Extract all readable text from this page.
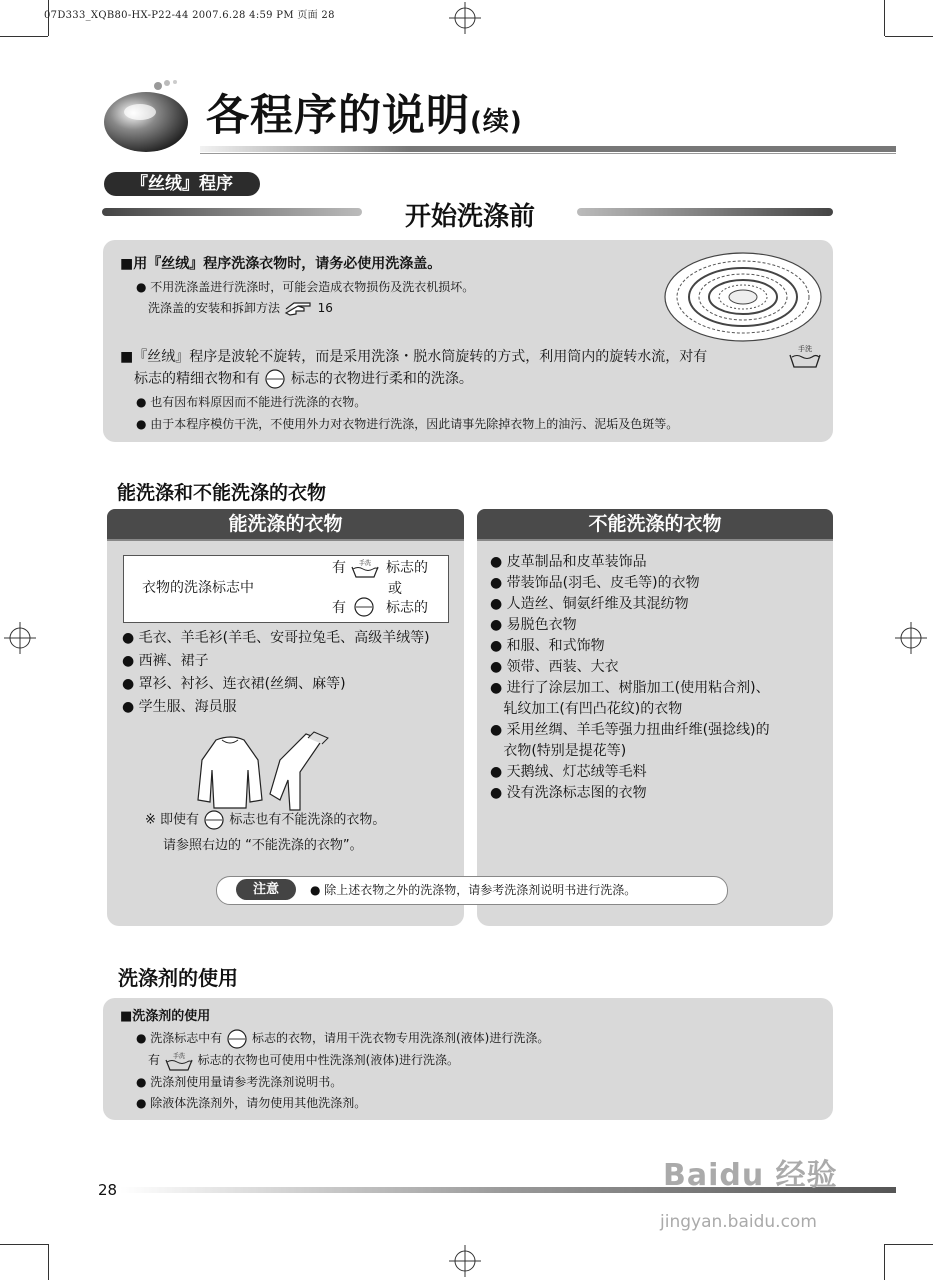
07D333_XQB80-HX-P22-44 2007.6.28 4:59 PM 页面 28
各程序的说明(续)
『丝绒』程序
开始洗涤前
■用『丝绒』程序洗涤衣物时，请务必使用洗涤盖。
● 不用洗涤盖进行洗涤时，可能会造成衣物损伤及洗衣机损坏。
洗涤盖的安装和拆卸方法	16
■『丝绒』程序是波轮不旋转，而是采用洗涤・脱水筒旋转的方式，利用筒内的旋转水流，对有	手洗
标志的精细衣物和有 标志的衣物进行柔和的洗涤。
● 也有因布料原因而不能进行洗涤的衣物。
● 由于本程序模仿干洗，不使用外力对衣物进行洗涤，因此请事先除掉衣物上的油污、泥垢及色斑等。
能洗涤和不能洗涤的衣物
能洗涤的衣物
衣物的洗涤标志中
有 手洗 标志的
或
有	标志的
● 毛衣、羊毛衫(羊毛、安哥拉兔毛、高级羊绒等)
● 西裤、裙子
● 罩衫、衬衫、连衣裙(丝绸、麻等)
● 学生服、海员服
※ 即使有 标志也有不能洗涤的衣物。
请参照右边的 “不能洗涤的衣物”。
不能洗涤的衣物
● 皮革制品和皮革装饰品
● 带装饰品(羽毛、皮毛等)的衣物
● 人造丝、铜氨纤维及其混纺物
● 易脱色衣物
● 和服、和式饰物
● 领带、西装、大衣
● 进行了涂层加工、树脂加工(使用粘合剂)、
轧纹加工(有凹凸花纹)的衣物
● 采用丝绸、羊毛等强力扭曲纤维(强捻线)的
衣物(特别是提花等)
● 天鹅绒、灯芯绒等毛料
● 没有洗涤标志图的衣物
注意	● 除上述衣物之外的洗涤物，请参考洗涤剂说明书进行洗涤。
洗涤剂的使用
■洗涤剂的使用
● 洗涤标志中有 标志的衣物，请用干洗衣物专用洗涤剂(液体)进行洗涤。
有 手洗 标志的衣物也可使用中性洗涤剂(液体)进行洗涤。
● 洗涤剂使用量请参考洗涤剂说明书。
● 除液体洗涤剂外，请勿使用其他洗涤剂。
28	Baidu 经验
jingyan.baidu.com
